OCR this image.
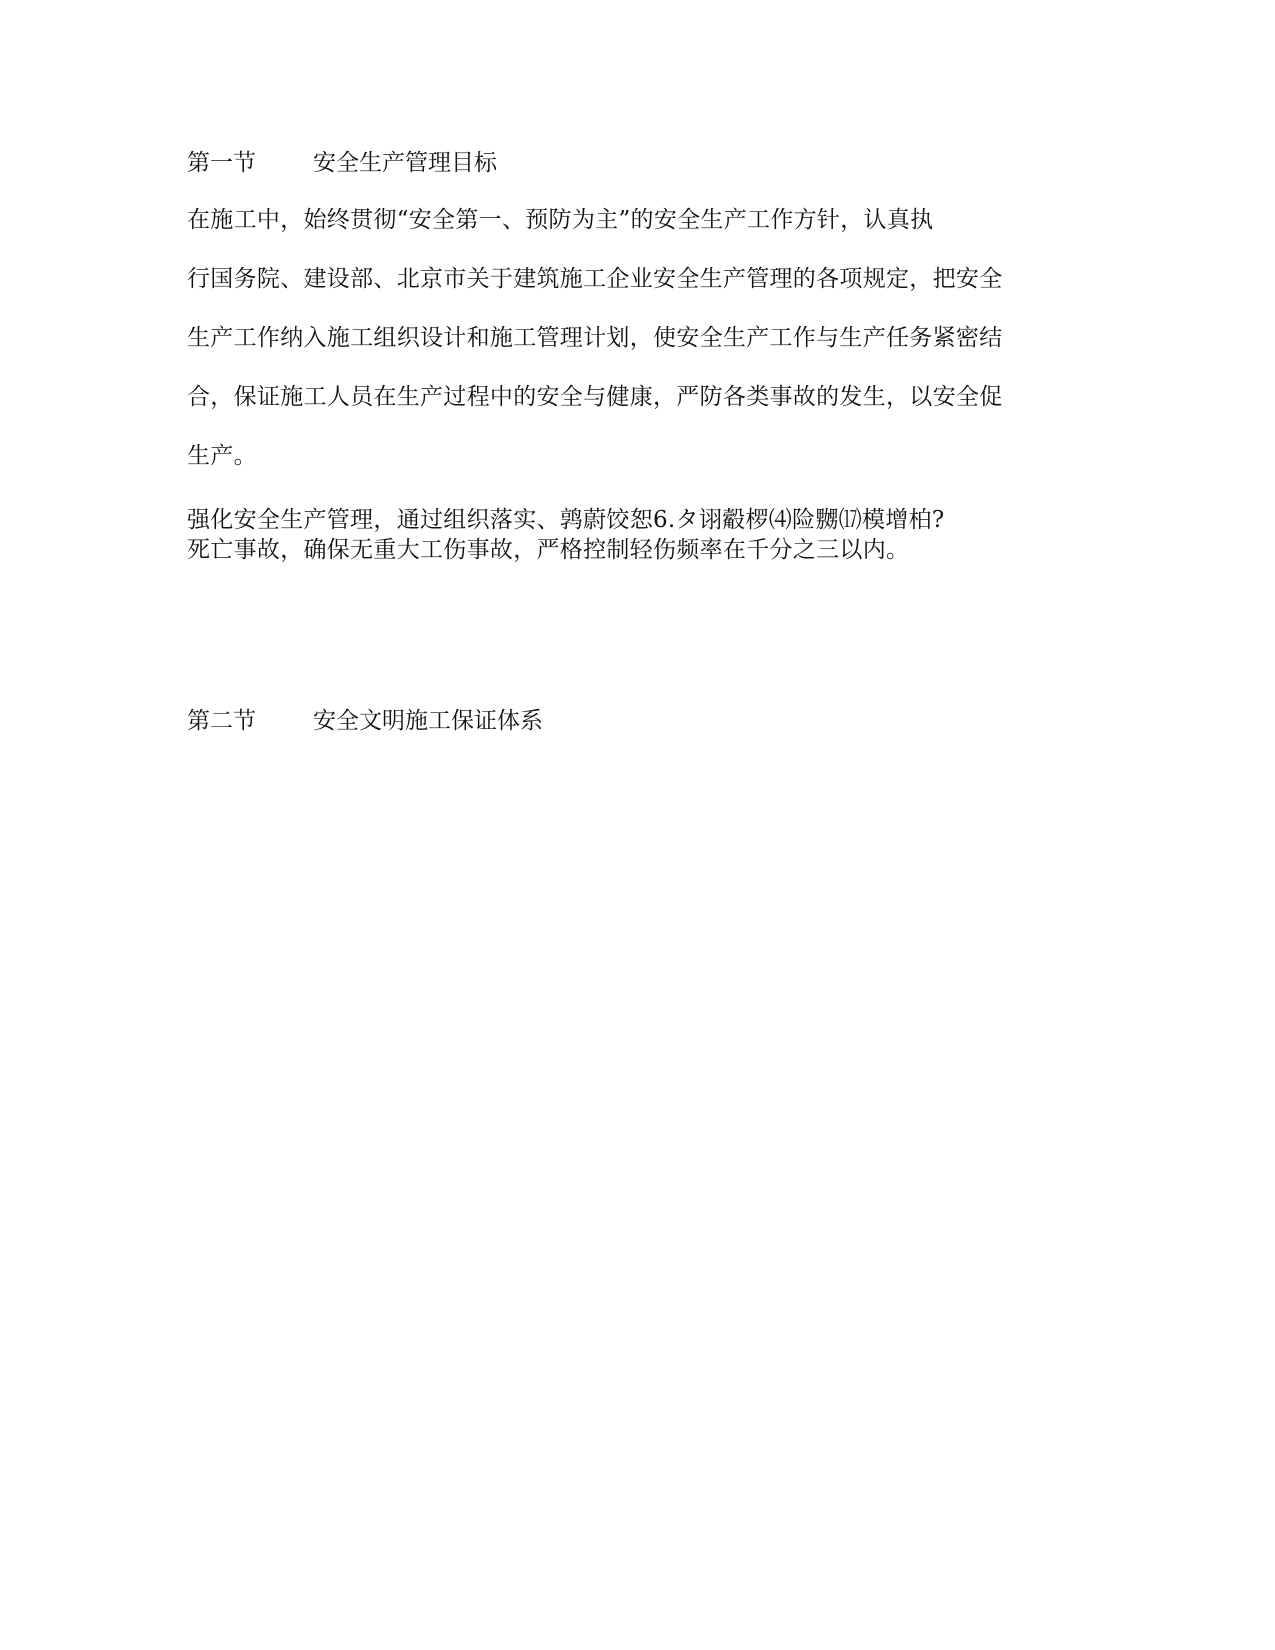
第一节 安全生产管理目标
在施工中，始终贯彻“安全第一、预防为主”的安全生产工作方针，认真执
行国务院、建设部、北京市关于建筑施工企业安全生产管理的各项规定，把安全
生产工作纳入施工组织设计和施工管理计划，使安全生产工作与生产任务紧密结
合，保证施工人员在生产过程中的安全与健康，严防各类事故的发生，以安全促
生产。
强化安全生产管理，通过组织落实、鹑蔚饺恕6.タ诩觳椤⑷险嬲⒄模增柏?
死亡事故，确保无重大工伤事故，严格控制轻伤频率在千分之三以内。
第二节 安全文明施工保证体系
